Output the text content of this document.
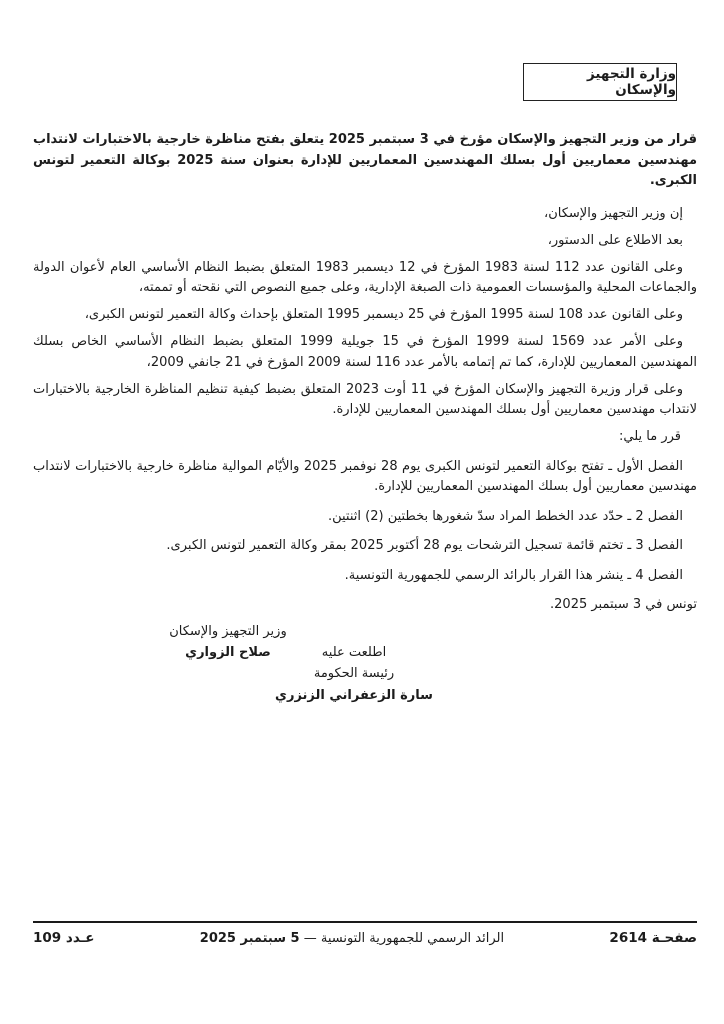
وزارة التجهيز والإسكان

قرار من وزير التجهيز والإسكان مؤرخ في 3 سبتمبر 2025 يتعلق بفتح مناظرة خارجية بالاختبارات لانتداب مهندسين معماريين أول بسلك المهندسين المعماريين للإدارة بعنوان سنة 2025 بوكالة التعمير لتونس الكبرى.

إن وزير التجهيز والإسكان،

بعد الاطلاع على الدستور،

وعلى القانون عدد 112 لسنة 1983 المؤرخ في 12 ديسمبر 1983 المتعلق بضبط النظام الأساسي العام لأعوان الدولة والجماعات المحلية والمؤسسات العمومية ذات الصبغة الإدارية، وعلى جميع النصوص التي نقحته أو تممته،

وعلى القانون عدد 108 لسنة 1995 المؤرخ في 25 ديسمبر 1995 المتعلق بإحداث وكالة التعمير لتونس الكبرى،

وعلى الأمر عدد 1569 لسنة 1999 المؤرخ في 15 جويلية 1999 المتعلق بضبط النظام الأساسي الخاص بسلك المهندسين المعماريين للإدارة، كما تم إتمامه بالأمر عدد 116 لسنة 2009 المؤرخ في 21 جانفي 2009،

وعلى قرار وزيرة التجهيز والإسكان المؤرخ في 11 أوت 2023 المتعلق بضبط كيفية تنظيم المناظرة الخارجية بالاختبارات لانتداب مهندسين معماريين أول بسلك المهندسين المعماريين للإدارة.

قرر ما يلي:

الفصل الأول ـ تفتح بوكالة التعمير لتونس الكبرى يوم 28 نوفمبر 2025 والأيّام الموالية مناظرة خارجية بالاختبارات لانتداب مهندسين معماريين أول بسلك المهندسين المعماريين للإدارة.

الفصل 2 ـ حدّد عدد الخطط المراد سدّ شغورها بخطتين (2) اثنتين.

الفصل 3 ـ تختم قائمة تسجيل الترشحات يوم 28 أكتوبر 2025 بمقر وكالة التعمير لتونس الكبرى.

الفصل 4 ـ ينشر هذا القرار بالرائد الرسمي للجمهورية التونسية.

تونس في 3 سبتمبر 2025.

وزير التجهيز والإسكان
صلاح الزواري	اطلعت عليه
رئيسة الحكومة
سارة الزعفراني الزنزري
صفحـة 2614
الرائد الرسمي للجمهورية التونسية — 5 سبتمبر 2025
عـدد 109
